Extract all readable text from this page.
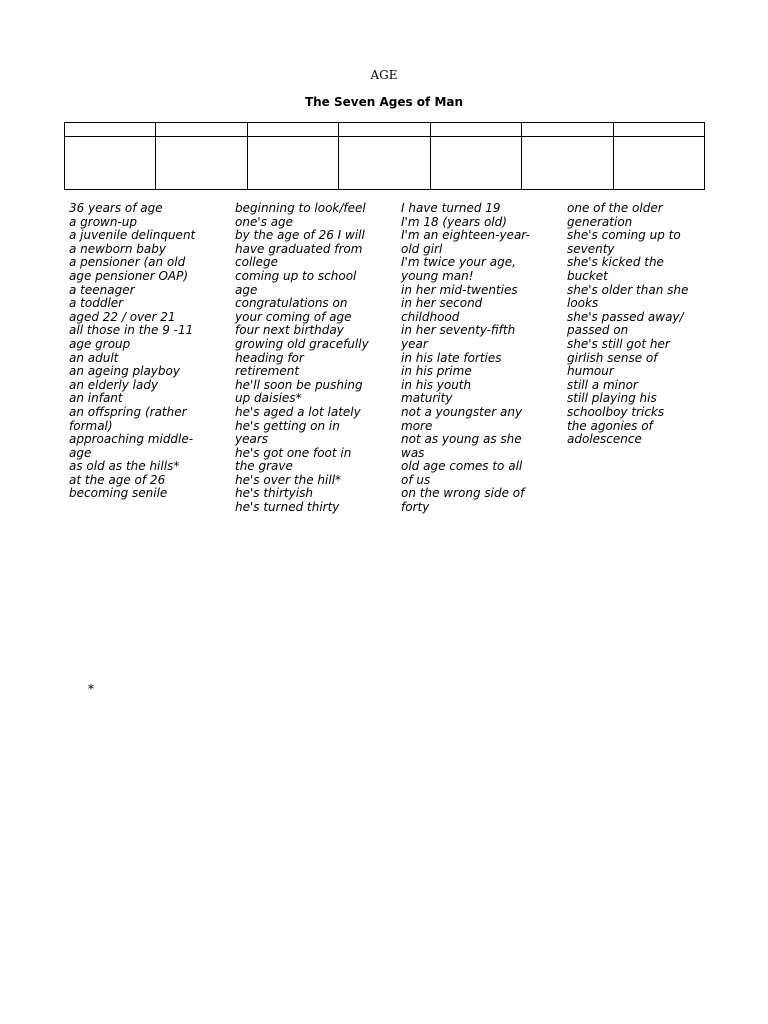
AGE
The Seven Ages of Man

36 years of age
a grown-up
a juvenile delinquent
a newborn baby
a pensioner (an old
age pensioner OAP)
a teenager
a toddler
aged 22 / over 21
all those in the 9 -11
age group
an adult
an ageing playboy
an elderly lady
an infant
an offspring (rather
formal)
approaching middle-
age
as old as the hills*
at the age of 26
becoming senile
beginning to look/feel
one's age
by the age of 26 I will
have graduated from
college
coming up to school
age
congratulations on
your coming of age
four next birthday
growing old gracefully
heading for
retirement
he'll soon be pushing
up daisies*
he's aged a lot lately
he's getting on in
years
he's got one foot in
the grave
he's over the hill*
he's thirtyish
he's turned thirty
I have turned 19
I'm 18 (years old)
I'm an eighteen-year-
old girl
I'm twice your age,
young man!
in her mid-twenties
in her second
childhood
in her seventy-fifth
year
in his late forties
in his prime
in his youth
maturity
not a youngster any
more
not as young as she
was
old age comes to all
of us
on the wrong side of
forty
one of the older
generation
she's coming up to
seventy
she's kicked the
bucket
she's older than she
looks
she's passed away/
passed on
she's still got her
girlish sense of
humour
still a minor
still playing his
schoolboy tricks
the agonies of
adolescence
*
